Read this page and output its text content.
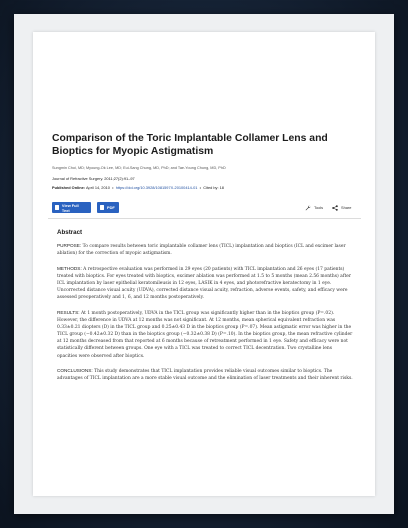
Comparison of the Toric Implantable Collamer Lens and Bioptics for Myopic Astigmatism
Sungmin Choi, MD; Myoung-Ok Lee, MD; Eui-Sang Chung, MD, PhD; and Tae-Young Chung, MD, PhD
Journal of Refractive Surgery. 2011;27(2):91–97
Published Online: April 14, 2010  •  https://doi.org/10.3928/1081597X-20100414-01  •  Cited by: 18
View Full Text	PDF	Tools	Share
Abstract
PURPOSE: To compare results between toric implantable collamer lens (TICL) implantation and bioptics (ICL and excimer laser ablation) for the correction of myopic astigmatism.
METHODS: A retrospective evaluation was performed in 29 eyes (20 patients) with TICL implantation and 26 eyes (17 patients) treated with bioptics. For eyes treated with bioptics, excimer ablation was performed at 1.5 to 5 months (mean 2.56 months) after ICL implantation by laser epithelial keratomileusis in 12 eyes, LASIK in 4 eyes, and photorefractive keratectomy in 1 eye. Uncorrected distance visual acuity (UDVA), corrected distance visual acuity, refraction, adverse events, safety, and efficacy were assessed preoperatively and 1, 6, and 12 months postoperatively.
RESULTS: At 1 month postoperatively, UDVA in the TICL group was significantly higher than in the bioptics group (P=.02). However, the difference in UDVA at 12 months was not significant. At 12 months, mean spherical equivalent refraction was 0.33±0.21 diopters (D) in the TICL group and 0.25±0.43 D in the bioptics group (P=.07). Mean astigmatic error was higher in the TICL group (−0.42±0.32 D) than in the bioptics group (−0.32±0.38 D) (P=.10). In the bioptics group, the mean refractive cylinder at 12 months decreased from that reported at 6 months because of retreatment performed in 1 eye. Safety and efficacy were not statistically different between groups. One eye with a TICL was treated to correct TICL decentration. Two crystalline lens opacities were observed after bioptics.
CONCLUSIONS: This study demonstrates that TICL implantation provides reliable visual outcomes similar to bioptics. The advantages of TICL implantation are a more stable visual outcome and the elimination of laser treatments and their inherent risks.
